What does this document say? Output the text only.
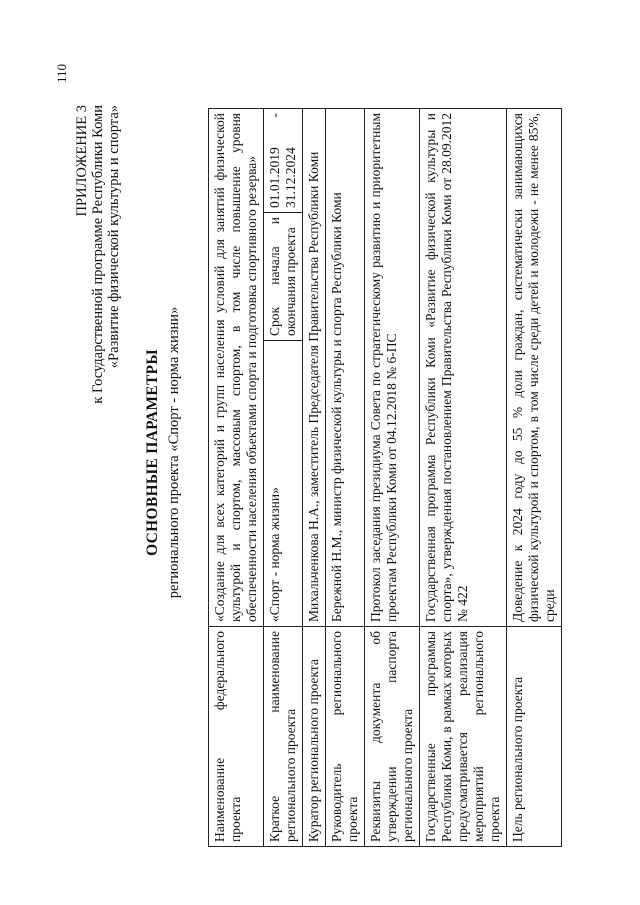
110
ПРИЛОЖЕНИЕ 3 к Государственной программе Республики Коми «Развитие физической культуры и спорта»
ОСНОВНЫЕ ПАРАМЕТРЫ регионального проекта «Спорт - норма жизни»
Наименование федерального проекта	«Создание для всех категорий и групп населения условий для занятий физической культурой и спортом, массовым спортом, в том числе повышение уровня обеспеченности населения объектами спорта и подготовка спортивного резерва»		
Краткое наименование регионального проекта	«Спорт - норма жизни»	Срок начала и окончания проекта	01.01.2019 - 31.12.2024
Куратор регионального проекта	Михальченкова Н.А., заместитель Председателя Правительства Республики Коми		
Руководитель регионального проекта	Бережной Н.М., министр физической культуры и спорта Республики Коми		
Реквизиты документа об утверждении паспорта регионального проекта	Протокол заседания президиума Совета по стратегическому развитию и приоритетным проектам Республики Коми от 04.12.2018 № 6-ПС		
Государственные программы Республики Коми, в рамках которых предусматривается реализация мероприятий регионального проекта	Государственная программа Республики Коми «Развитие физической культуры и спорта», утвержденная постановлением Правительства Республики Коми от 28.09.2012 № 422		
Цель регионального проекта	Доведение к 2024 году до 55 % доли граждан, систематически занимающихся физической культурой и спортом, в том числе среди детей и молодежи - не менее 85%, среди		
